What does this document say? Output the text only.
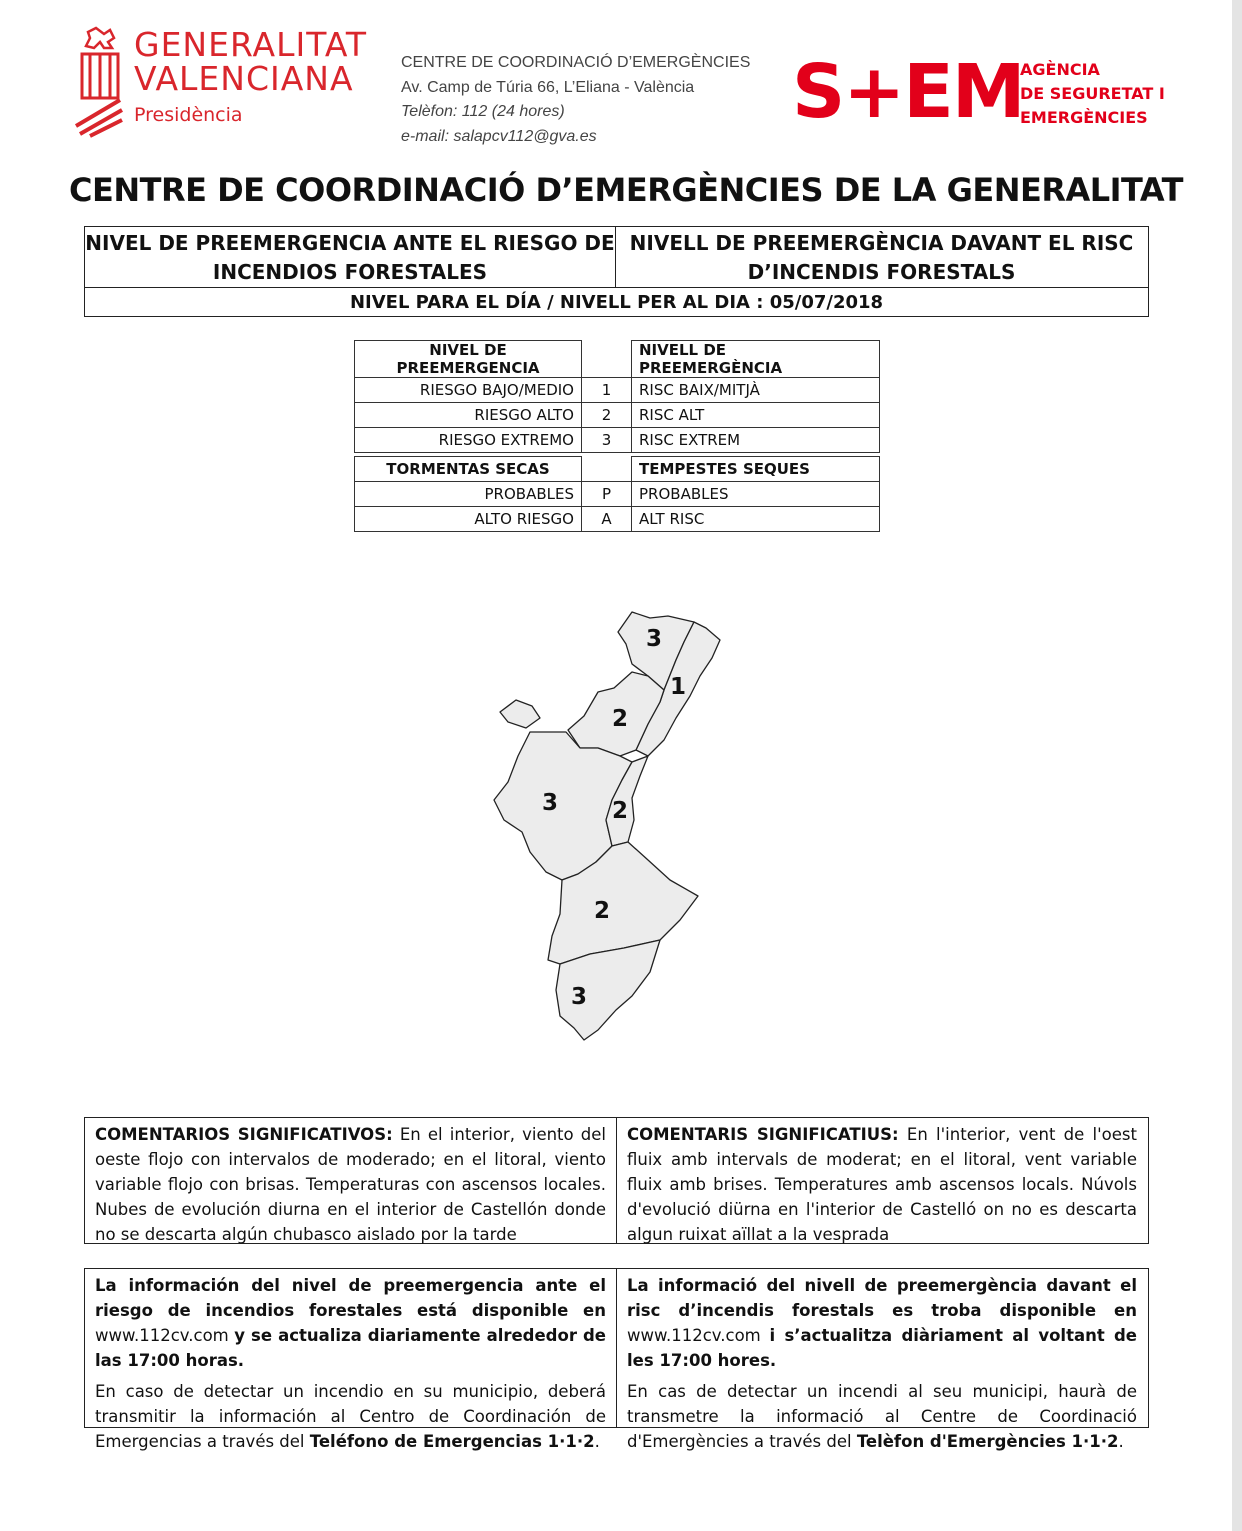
GENERALITAT
VALENCIANA
Presidència
CENTRE DE COORDINACIÓ D’EMERGÈNCIES
Av. Camp de Túria 66, L’Eliana - València
Telèfon: 112 (24 hores)
e-mail: salapcv112@gva.es
S+EM
AGÈNCIA
DE SEGURETAT I
EMERGÈNCIES
CENTRE DE COORDINACIÓ D’EMERGÈNCIES DE LA GENERALITAT
NIVEL DE PREEMERGENCIA ANTE EL RIESGO DE
INCENDIOS FORESTALES
NIVELL DE PREEMERGÈNCIA DAVANT EL RISC
D’INCENDIS FORESTALS
NIVEL PARA EL DÍA / NIVELL PER AL DIA : 05/07/2018
NIVEL DE PREEMERGENCIA		NIVELL DE PREEMERGÈNCIA
RIESGO BAJO/MEDIO	1	RISC BAIX/MITJÀ
RIESGO ALTO	2	RISC ALT
RIESGO EXTREMO	3	RISC EXTREM
TORMENTAS SECAS		TEMPESTES SEQUES
PROBABLES	P	PROBABLES
ALTO RIESGO	A	ALT RISC
3
1
2
3 2
2
3
COMENTARIOS SIGNIFICATIVOS: En el interior, viento del oeste flojo con intervalos de moderado; en el litoral, viento variable flojo con brisas. Temperaturas con ascensos locales. Nubes de evolución diurna en el interior de Castellón donde no se descarta algún chubasco aislado por la tarde
COMENTARIS SIGNIFICATIUS: En l'interior, vent de l'oest fluix amb intervals de moderat; en el litoral, vent variable fluix amb brises. Temperatures amb ascensos locals. Núvols d'evolució diürna en l'interior de Castelló on no es descarta algun ruixat aïllat a la vesprada
La información del nivel de preemergencia ante el riesgo de incendios forestales está disponible en www.112cv.com y se actualiza diariamente alrededor de las 17:00 horas.
En caso de detectar un incendio en su municipio, deberá transmitir la información al Centro de Coordinación de Emergencias a través del Teléfono de Emergencias 1·1·2.
La informació del nivell de preemergència davant el risc d’incendis forestals es troba disponible en www.112cv.com i s’actualitza diàriament al voltant de les 17:00 hores.
En cas de detectar un incendi al seu municipi, haurà de transmetre la informació al Centre de Coordinació d'Emergències a través del Telèfon d'Emergències 1·1·2.
